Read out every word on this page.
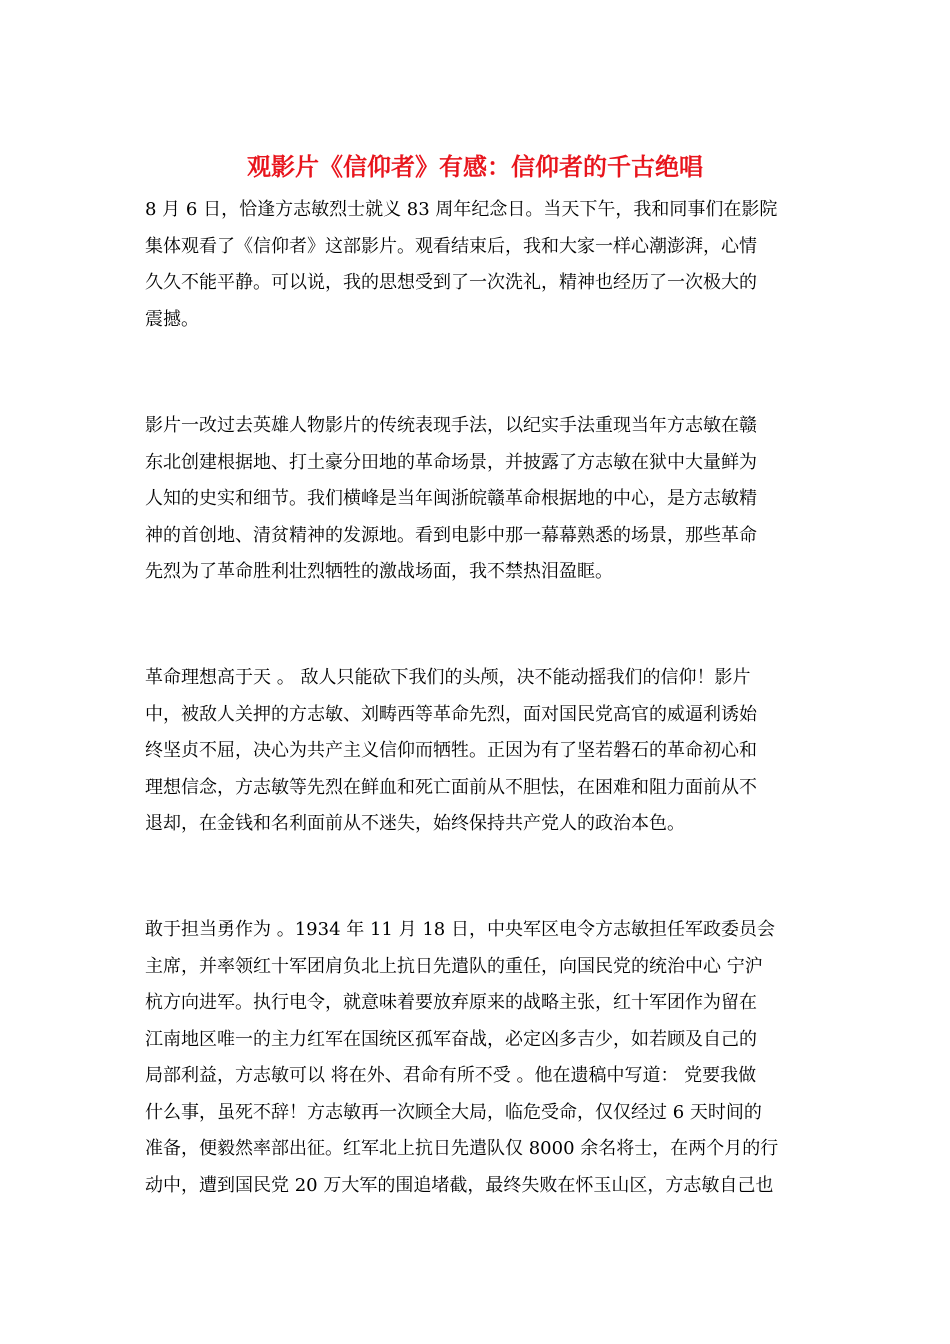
观影片《信仰者》有感：信仰者的千古绝唱
8 月 6 日，恰逢方志敏烈士就义 83 周年纪念日。当天下午，我和同事们在影院
集体观看了《信仰者》这部影片。观看结束后，我和大家一样心潮澎湃，心情
久久不能平静。可以说，我的思想受到了一次洗礼，精神也经历了一次极大的
震撼。
影片一改过去英雄人物影片的传统表现手法，以纪实手法重现当年方志敏在赣
东北创建根据地、打土豪分田地的革命场景，并披露了方志敏在狱中大量鲜为
人知的史实和细节。我们横峰是当年闽浙皖赣革命根据地的中心，是方志敏精
神的首创地、清贫精神的发源地。看到电影中那一幕幕熟悉的场景，那些革命
先烈为了革命胜利壮烈牺牲的激战场面，我不禁热泪盈眶。
革命理想高于天 。 敌人只能砍下我们的头颅，决不能动摇我们的信仰！影片
中，被敌人关押的方志敏、刘畴西等革命先烈，面对国民党高官的威逼利诱始
终坚贞不屈，决心为共产主义信仰而牺牲。正因为有了坚若磐石的革命初心和
理想信念，方志敏等先烈在鲜血和死亡面前从不胆怯，在困难和阻力面前从不
退却，在金钱和名利面前从不迷失，始终保持共产党人的政治本色。
敢于担当勇作为 。1934 年 11 月 18 日，中央军区电令方志敏担任军政委员会
主席，并率领红十军团肩负北上抗日先遣队的重任，向国民党的统治中心 宁沪
杭方向进军。执行电令，就意味着要放弃原来的战略主张，红十军团作为留在
江南地区唯一的主力红军在国统区孤军奋战，必定凶多吉少，如若顾及自己的
局部利益，方志敏可以 将在外、君命有所不受 。他在遗稿中写道： 党要我做
什么事，虽死不辞！方志敏再一次顾全大局，临危受命，仅仅经过 6 天时间的
准备，便毅然率部出征。红军北上抗日先遣队仅 8000 余名将士，在两个月的行
动中，遭到国民党 20 万大军的围追堵截，最终失败在怀玉山区，方志敏自己也
